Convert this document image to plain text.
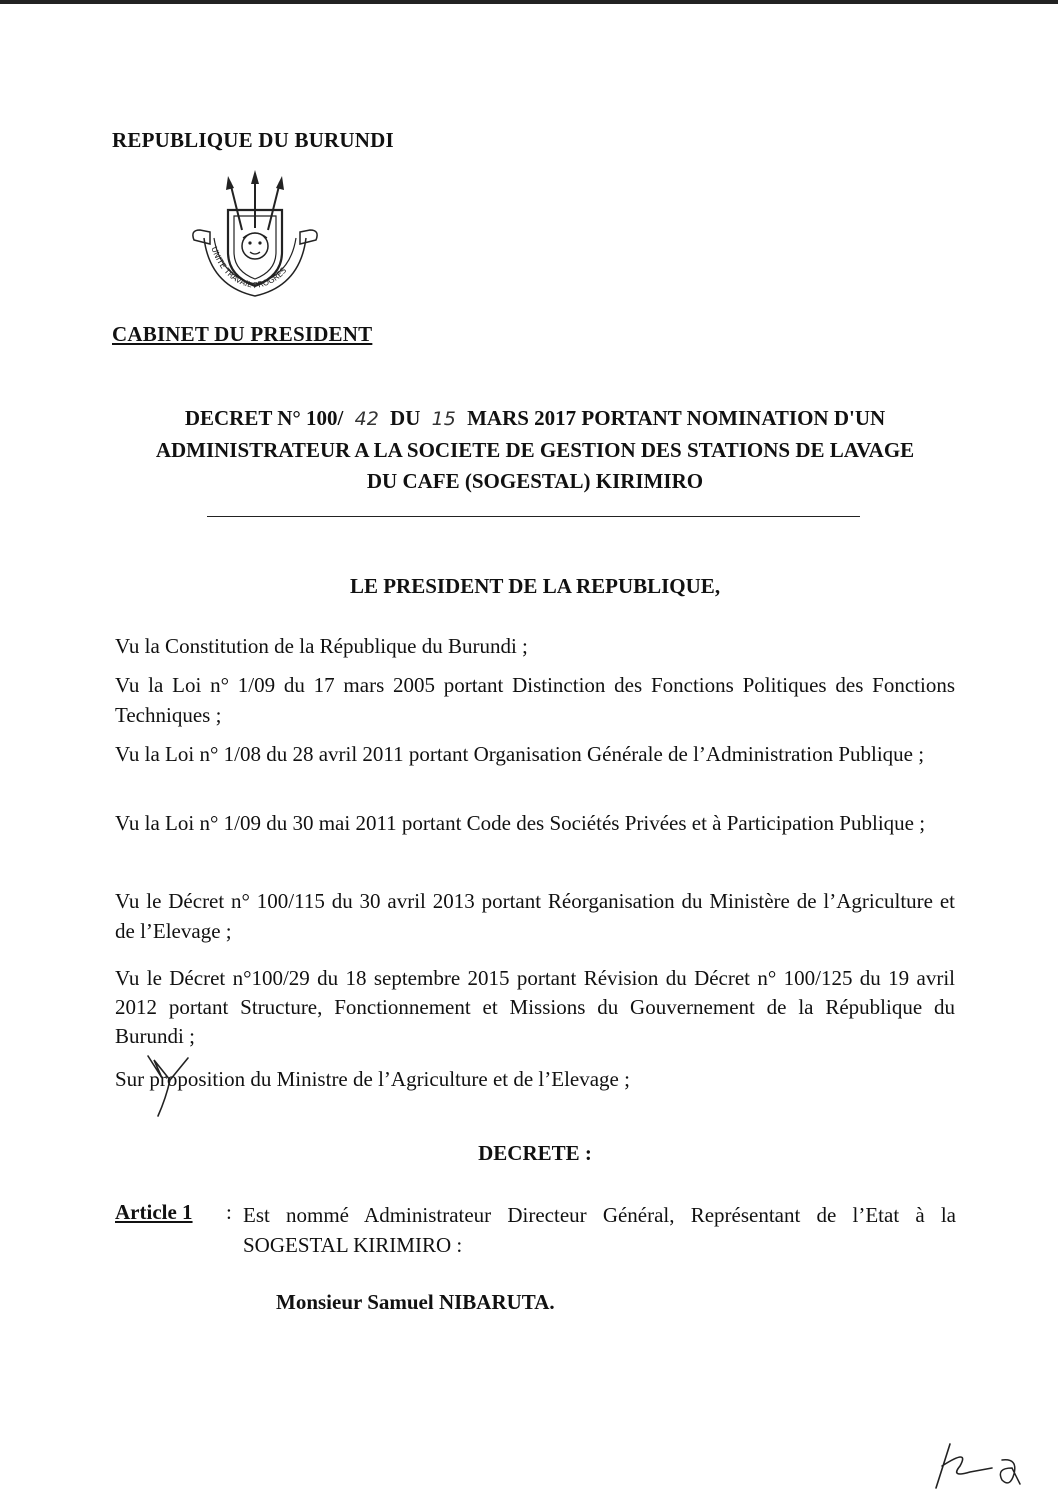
REPUBLIQUE DU BURUNDI
UNITE TRAVAIL PROGRES
CABINET DU PRESIDENT
DECRET N° 100/ 42 DU 15 MARS 2017 PORTANT NOMINATION D'UN
ADMINISTRATEUR A LA SOCIETE DE GESTION DES STATIONS DE LAVAGE
DU CAFE (SOGESTAL) KIRIMIRO
LE PRESIDENT DE LA REPUBLIQUE,
Vu la Constitution de la République du Burundi ;
Vu la Loi n° 1/09 du 17 mars 2005 portant Distinction des Fonctions Politiques des Fonctions Techniques ;
Vu la Loi n° 1/08 du 28 avril 2011 portant Organisation Générale de l’Administration Publique ;
Vu la Loi n° 1/09 du 30 mai 2011 portant Code des Sociétés Privées et à Participation Publique ;
Vu le Décret n° 100/115 du 30 avril 2013 portant Réorganisation du Ministère de l’Agriculture et de l’Elevage ;
Vu le Décret n°100/29 du 18 septembre 2015 portant Révision du Décret n° 100/125 du 19 avril 2012 portant Structure, Fonctionnement et Missions du Gouvernement de la République du Burundi ;
Sur proposition du Ministre de l’Agriculture et de l’Elevage ;
DECRETE :
Article 1 : Est nommé Administrateur Directeur Général, Représentant de l’Etat à la SOGESTAL KIRIMIRO :
Monsieur Samuel NIBARUTA.
